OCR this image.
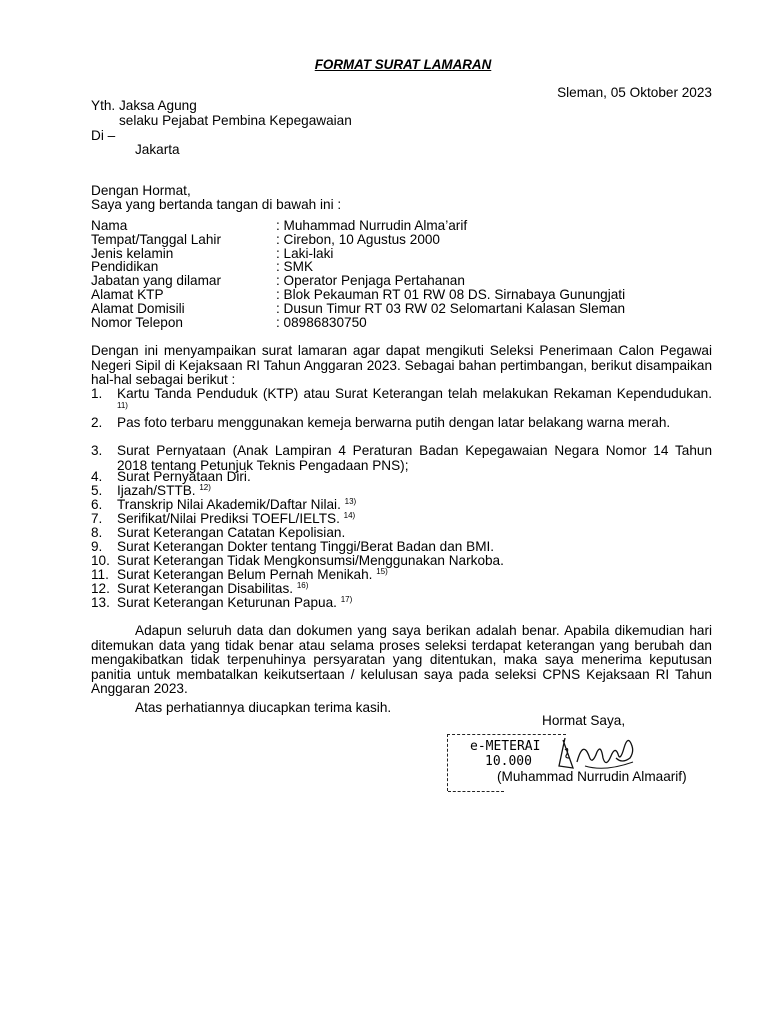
FORMAT SURAT LAMARAN
Sleman, 05 Oktober 2023
Yth. Jaksa Agung
selaku Pejabat Pembina Kepegawaian
Di –
Jakarta
Dengan Hormat,
Saya yang bertanda tangan di bawah ini :
Nama	: Muhammad Nurrudin Alma’arif
Tempat/Tanggal Lahir	: Cirebon, 10 Agustus 2000
Jenis kelamin	: Laki-laki
Pendidikan	: SMK
Jabatan yang dilamar	: Operator Penjaga Pertahanan
Alamat KTP	: Blok Pekauman RT 01 RW 08 DS. Sirnabaya Gunungjati
Alamat Domisili	: Dusun Timur RT 03 RW 02 Selomartani Kalasan Sleman
Nomor Telepon	: 08986830750
Dengan ini menyampaikan surat lamaran agar dapat mengikuti Seleksi Penerimaan Calon Pegawai Negeri Sipil di Kejaksaan RI Tahun Anggaran 2023. Sebagai bahan pertimbangan, berikut disampaikan hal-hal sebagai berikut :
1. Kartu Tanda Penduduk (KTP) atau Surat Keterangan telah melakukan Rekaman Kependudukan. $^{11)}$
2. Pas foto terbaru menggunakan kemeja berwarna putih dengan latar belakang warna merah.
3. Surat Pernyataan (Anak Lampiran 4 Peraturan Badan Kepegawaian Negara Nomor 14 Tahun 2018 tentang Petunjuk Teknis Pengadaan PNS);
4. Surat Pernyataan Diri.
5. Ijazah/STTB. $^{12)}$
6. Transkrip Nilai Akademik/Daftar Nilai. $^{13)}$
7. Serifikat/Nilai Prediksi TOEFL/IELTS. $^{14)}$
8. Surat Keterangan Catatan Kepolisian.
9. Surat Keterangan Dokter tentang Tinggi/Berat Badan dan BMI.
10. Surat Keterangan Tidak Mengkonsumsi/Menggunakan Narkoba.
11. Surat Keterangan Belum Pernah Menikah. $^{15)}$
12. Surat Keterangan Disabilitas. $^{16)}$
13. Surat Keterangan Keturunan Papua. $^{17)}$
Adapun seluruh data dan dokumen yang saya berikan adalah benar. Apabila dikemudian hari ditemukan data yang tidak benar atau selama proses seleksi terdapat keterangan yang berubah dan mengakibatkan tidak terpenuhinya persyaratan yang ditentukan, maka saya menerima keputusan panitia untuk membatalkan keikutsertaan / kelulusan saya pada seleksi CPNS Kejaksaan RI Tahun Anggaran 2023.
Atas perhatiannya diucapkan terima kasih.
Hormat Saya,
e-METERAI
10.000
(Muhammad Nurrudin Almaarif)
